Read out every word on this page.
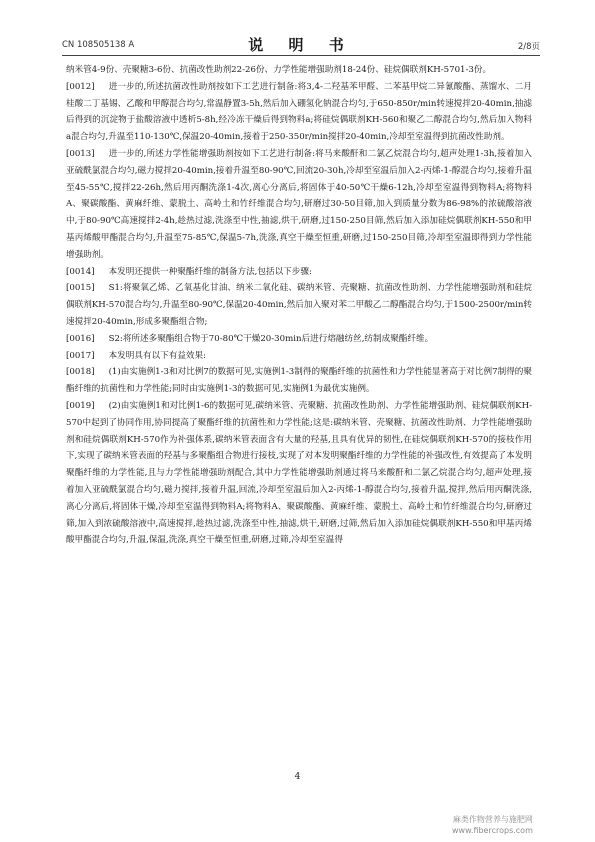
CN 108505138 A	说 明 书	2/8页

纳米管4-9份、壳聚糖3-6份、抗菌改性助剂22-26份、力学性能增强助剂18-24份、硅烷偶联剂KH-5701-3份。

[0012] 进一步的,所述抗菌改性助剂按如下工艺进行制备:将3,4-二羟基苯甲醛、二苯基甲烷二异氰酸酯、蒸馏水、二月桂酸二丁基锡、乙酸和甲醇混合均匀,常温静置3-5h,然后加入硼氢化钠混合均匀,于650-850r/min转速搅拌20-40min,抽滤后得到的沉淀物于盐酸溶液中透析5-8h,经冷冻干燥后得到物料a;将硅烷偶联剂KH-560和聚乙二醇混合均匀,然后加入物料a混合均匀,升温至110-130℃,保温20-40min,接着于250-350r/min搅拌20-40min,冷却至室温得到抗菌改性助剂。

[0013] 进一步的,所述力学性能增强助剂按如下工艺进行制备:将马来酸酐和二氯乙烷混合均匀,超声处理1-3h,接着加入亚硫酰氯混合均匀,磁力搅拌20-40min,接着升温至80-90℃,回流20-30h,冷却至室温后加入2-丙烯-1-醇混合均匀,接着升温至45-55℃,搅拌22-26h,然后用丙酮洗涤1-4次,离心分离后,将固体于40-50℃干燥6-12h,冷却至室温得到物料A;将物料A、聚碳酸酯、黄麻纤维、蒙脱土、高岭土和竹纤维混合均匀,研磨过30-50目筛,加入到质量分数为86-98%的浓硫酸溶液中,于80-90℃高速搅拌2-4h,趁热过滤,洗涤至中性,抽滤,烘干,研磨,过150-250目筛,然后加入添加硅烷偶联剂KH-550和甲基丙烯酸甲酯混合均匀,升温至75-85℃,保温5-7h,洗涤,真空干燥至恒重,研磨,过150-250目筛,冷却至室温即得到力学性能增强助剂。

[0014] 本发明还提供一种聚酯纤维的制备方法,包括以下步骤:

[0015] S1:将聚氧乙烯、乙氧基化甘油、纳米二氧化硅、碳纳米管、壳聚糖、抗菌改性助剂、力学性能增强助剂和硅烷偶联剂KH-570混合均匀,升温至80-90℃,保温20-40min,然后加入聚对苯二甲酸乙二醇酯混合均匀,于1500-2500r/min转速搅拌20-40min,形成多聚酯组合物;

[0016] S2:将所述多聚酯组合物于70-80℃干燥20-30min后进行熔融纺丝,纺制成聚酯纤维。

[0017] 本发明具有以下有益效果:

[0018] (1)由实施例1-3和对比例7的数据可见,实施例1-3制得的聚酯纤维的抗菌性和力学性能显著高于对比例7制得的聚酯纤维的抗菌性和力学性能;同时由实施例1-3的数据可见,实施例1为最优实施例。

[0019] (2)由实施例1和对比例1-6的数据可见,碳纳米管、壳聚糖、抗菌改性助剂、力学性能增强助剂、硅烷偶联剂KH-570中起到了协同作用,协同提高了聚酯纤维的抗菌性和力学性能;这是:碳纳米管、壳聚糖、抗菌改性助剂、力学性能增强助剂和硅烷偶联剂KH-570作为补强体系,碳纳米管表面含有大量的羟基,且具有优异的韧性,在硅烷偶联剂KH-570的接枝作用下,实现了碳纳米管表面的羟基与多聚酯组合物进行接枝,实现了对本发明聚酯纤维的力学性能的补强改性,有效提高了本发明聚酯纤维的力学性能,且与力学性能增强助剂配合,其中力学性能增强助剂通过将马来酸酐和二氯乙烷混合均匀,超声处理,接着加入亚硫酰氯混合均匀,磁力搅拌,接着升温,回流,冷却至室温后加入2-丙烯-1-醇混合均匀,接着升温,搅拌,然后用丙酮洗涤,离心分离后,将固体干燥,冷却至室温得到物料A;将物料A、聚碳酸酯、黄麻纤维、蒙脱土、高岭土和竹纤维混合均匀,研磨过筛,加入到浓硫酸溶液中,高速搅拌,趁热过滤,洗涤至中性,抽滤,烘干,研磨,过筛,然后加入添加硅烷偶联剂KH-550和甲基丙烯酸甲酯混合均匀,升温,保温,洗涤,真空干燥至恒重,研磨,过筛,冷却至室温得

4
麻类作物营养与施肥网
www.fibercrops.com
